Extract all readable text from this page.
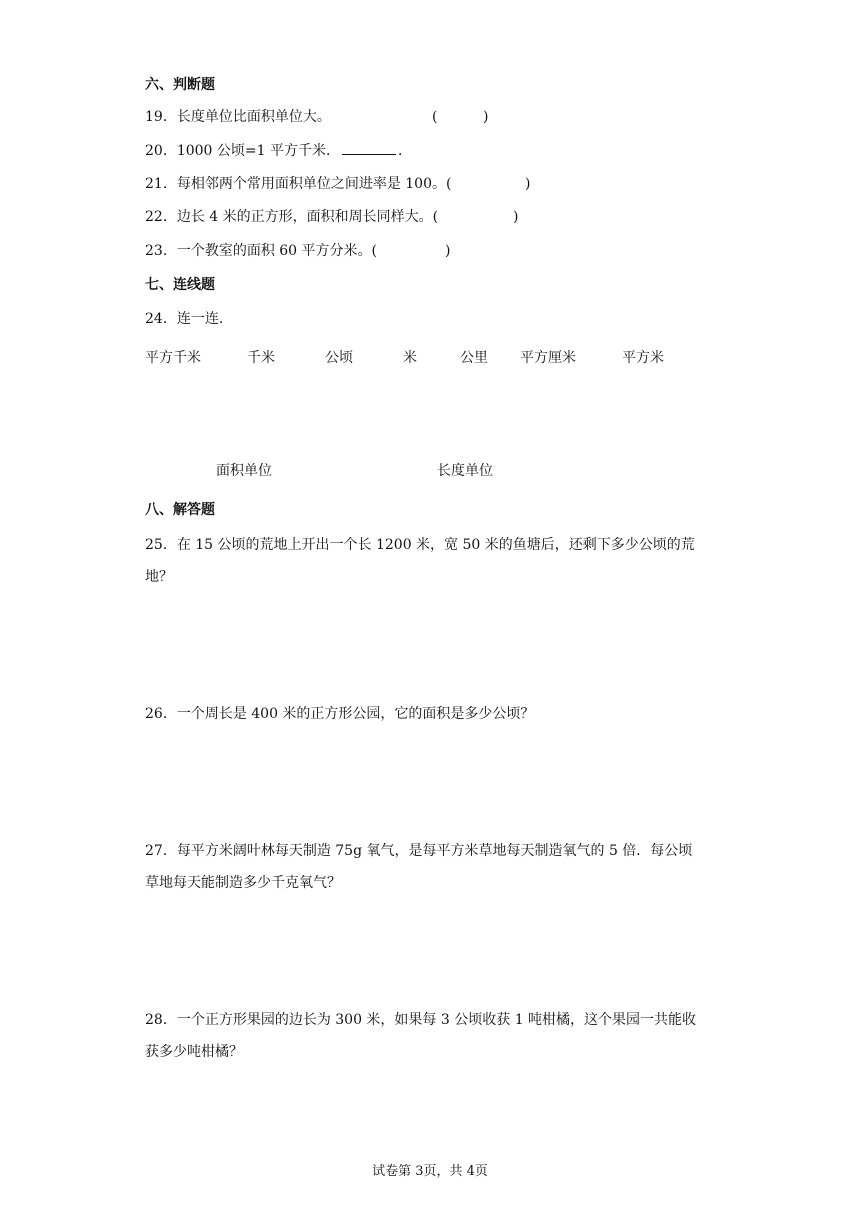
六、判断题
19．长度单位比面积单位大。	(	)
20．1000 公顷=1 平方千米．	．
21．每相邻两个常用面积单位之间进率是 100。(	)
22．边长 4 米的正方形，面积和周长同样大。(	)
23．一个教室的面积 60 平方分米。(	)
七、连线题
24．连一连.
平方千米	千米	公顷	米	公里 平方厘米	平方米
面积单位	长度单位
八、解答题
25．在 15 公顷的荒地上开出一个长 1200 米，宽 50 米的鱼塘后，还剩下多少公顷的荒
地？
26．一个周长是 400 米的正方形公园，它的面积是多少公顷？
27．每平方米阔叶林每天制造 75g 氧气，是每平方米草地每天制造氧气的 5 倍．每公顷
草地每天能制造多少千克氧气？
28．一个正方形果园的边长为 300 米，如果每 3 公顷收获 1 吨柑橘，这个果园一共能收
获多少吨柑橘？
试卷第 3页，共 4页
